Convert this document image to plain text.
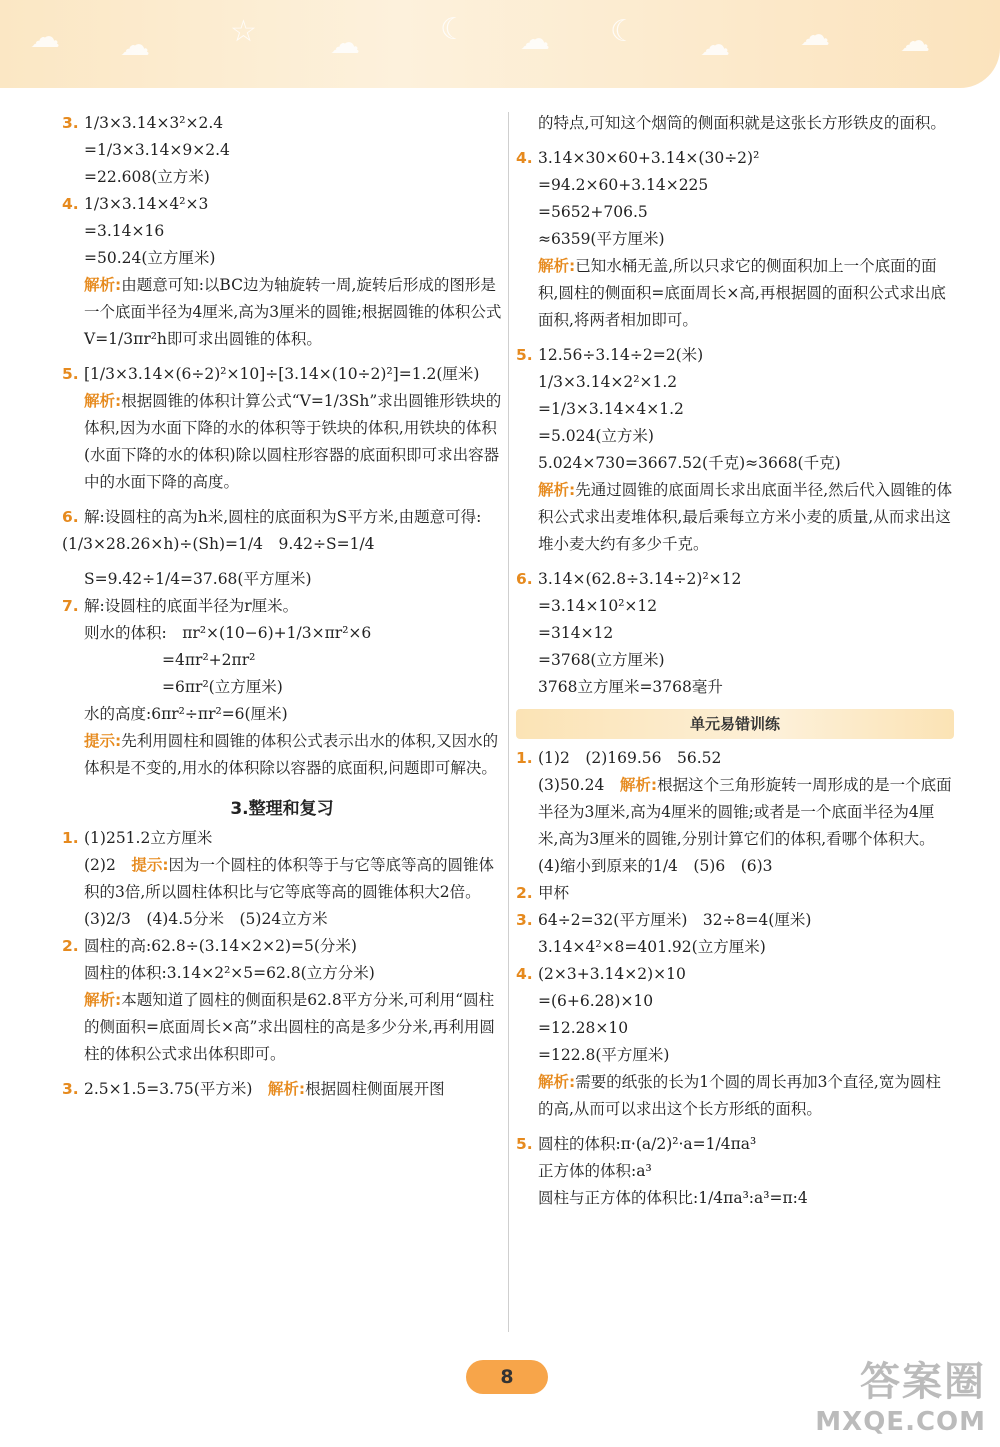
☁ ☁	☆ ☁	☾ ☁ ☾ ☁ ☁ ☁
3. 1/3×3.14×3²×2.4
=1/3×3.14×9×2.4
=22.608(立方米)
4. 1/3×3.14×4²×3
=3.14×16
=50.24(立方厘米)
解析:由题意可知:以BC边为轴旋转一周,旋转后形成的图形是一个底面半径为4厘米,高为3厘米的圆锥;根据圆锥的体积公式V=1/3πr²h即可求出圆锥的体积。
5. [1/3×3.14×(6÷2)²×10]÷[3.14×(10÷2)²]=1.2(厘米)
解析:根据圆锥的体积计算公式“V=1/3Sh”求出圆锥形铁块的体积,因为水面下降的水的体积等于铁块的体积,用铁块的体积(水面下降的水的体积)除以圆柱形容器的底面积即可求出容器中的水面下降的高度。
6. 解:设圆柱的高为h米,圆柱的底面积为S平方米,由题意可得:(1/3×28.26×h)÷(Sh)=1/4　9.42÷S=1/4
S=9.42÷1/4=37.68(平方厘米)
7. 解:设圆柱的底面半径为r厘米。
则水的体积:　πr²×(10−6)+1/3×πr²×6
=4πr²+2πr²
=6πr²(立方厘米)
水的高度:6πr²÷πr²=6(厘米)
提示:先利用圆柱和圆锥的体积公式表示出水的体积,又因水的体积是不变的,用水的体积除以容器的底面积,问题即可解决。
3.整理和复习
1. (1)251.2立方厘米
(2)2　 提示:因为一个圆柱的体积等于与它等底等高的圆锥体积的3倍,所以圆柱体积比与它等底等高的圆锥体积大2倍。
(3)2/3　(4)4.5分米　(5)24立方米
2. 圆柱的高:62.8÷(3.14×2×2)=5(分米)
圆柱的体积:3.14×2²×5=62.8(立方分米)
解析:本题知道了圆柱的侧面积是62.8平方分米,可利用“圆柱的侧面积=底面周长×高”求出圆柱的高是多少分米,再利用圆柱的体积公式求出体积即可。
3. 2.5×1.5=3.75(平方米)　 解析:根据圆柱侧面展开图
的特点,可知这个烟筒的侧面积就是这张长方形铁皮的面积。
4. 3.14×30×60+3.14×(30÷2)²
=94.2×60+3.14×225
=5652+706.5
≈6359(平方厘米)
解析:已知水桶无盖,所以只求它的侧面积加上一个底面的面积,圆柱的侧面积=底面周长×高,再根据圆的面积公式求出底面积,将两者相加即可。
5. 12.56÷3.14÷2=2(米)
1/3×3.14×2²×1.2
=1/3×3.14×4×1.2
=5.024(立方米)
5.024×730=3667.52(千克)≈3668(千克)
解析:先通过圆锥的底面周长求出底面半径,然后代入圆锥的体积公式求出麦堆体积,最后乘每立方米小麦的质量,从而求出这堆小麦大约有多少千克。
6. 3.14×(62.8÷3.14÷2)²×12
=3.14×10²×12
=314×12
=3768(立方厘米)
3768立方厘米=3768毫升
单元易错训练
1. (1)2　(2)169.56　56.52
(3)50.24　 解析:根据这个三角形旋转一周形成的是一个底面半径为3厘米,高为4厘米的圆锥;或者是一个底面半径为4厘米,高为3厘米的圆锥,分别计算它们的体积,看哪个体积大。
(4)缩小到原来的1/4　(5)6　(6)3
2. 甲杯
3. 64÷2=32(平方厘米)　32÷8=4(厘米)
3.14×4²×8=401.92(立方厘米)
4. (2×3+3.14×2)×10
=(6+6.28)×10
=12.28×10
=122.8(平方厘米)
解析:需要的纸张的长为1个圆的周长再加3个直径,宽为圆柱的高,从而可以求出这个长方形纸的面积。
5. 圆柱的体积:π·(a/2)²·a=1/4πa³
正方体的体积:a³
圆柱与正方体的体积比:1/4πa³:a³=π:4
8	答案圈
MXQE.COM
